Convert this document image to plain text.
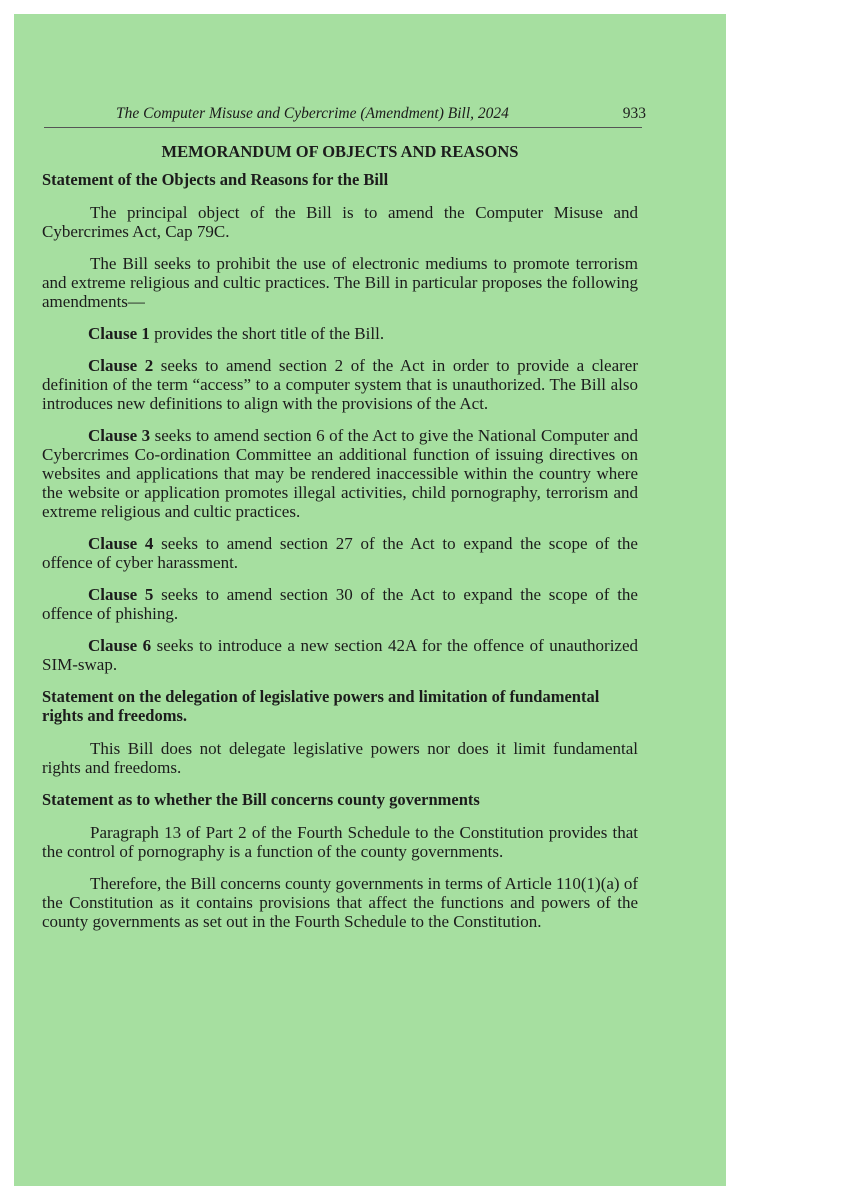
The Computer Misuse and Cybercrime (Amendment) Bill, 2024	933
MEMORANDUM OF OBJECTS AND REASONS
Statement of the Objects and Reasons for the Bill

The principal object of the Bill is to amend the Computer Misuse and Cybercrimes Act, Cap 79C.

The Bill seeks to prohibit the use of electronic mediums to promote terrorism and extreme religious and cultic practices. The Bill in particular proposes the following amendments—

Clause 1 provides the short title of the Bill.

Clause 2 seeks to amend section 2 of the Act in order to provide a clearer definition of the term “access” to a computer system that is unauthorized. The Bill also introduces new definitions to align with the provisions of the Act.

Clause 3 seeks to amend section 6 of the Act to give the National Computer and Cybercrimes Co-ordination Committee an additional function of issuing directives on websites and applications that may be rendered inaccessible within the country where the website or application promotes illegal activities, child pornography, terrorism and extreme religious and cultic practices.

Clause 4 seeks to amend section 27 of the Act to expand the scope of the offence of cyber harassment.

Clause 5 seeks to amend section 30 of the Act to expand the scope of the offence of phishing.

Clause 6 seeks to introduce a new section 42A for the offence of unauthorized SIM-swap.

Statement on the delegation of legislative powers and limitation of fundamental rights and freedoms.

This Bill does not delegate legislative powers nor does it limit fundamental rights and freedoms.

Statement as to whether the Bill concerns county governments

Paragraph 13 of Part 2 of the Fourth Schedule to the Constitution provides that the control of pornography is a function of the county governments.

Therefore, the Bill concerns county governments in terms of Article 110(1)(a) of the Constitution as it contains provisions that affect the functions and powers of the county governments as set out in the Fourth Schedule to the Constitution.
